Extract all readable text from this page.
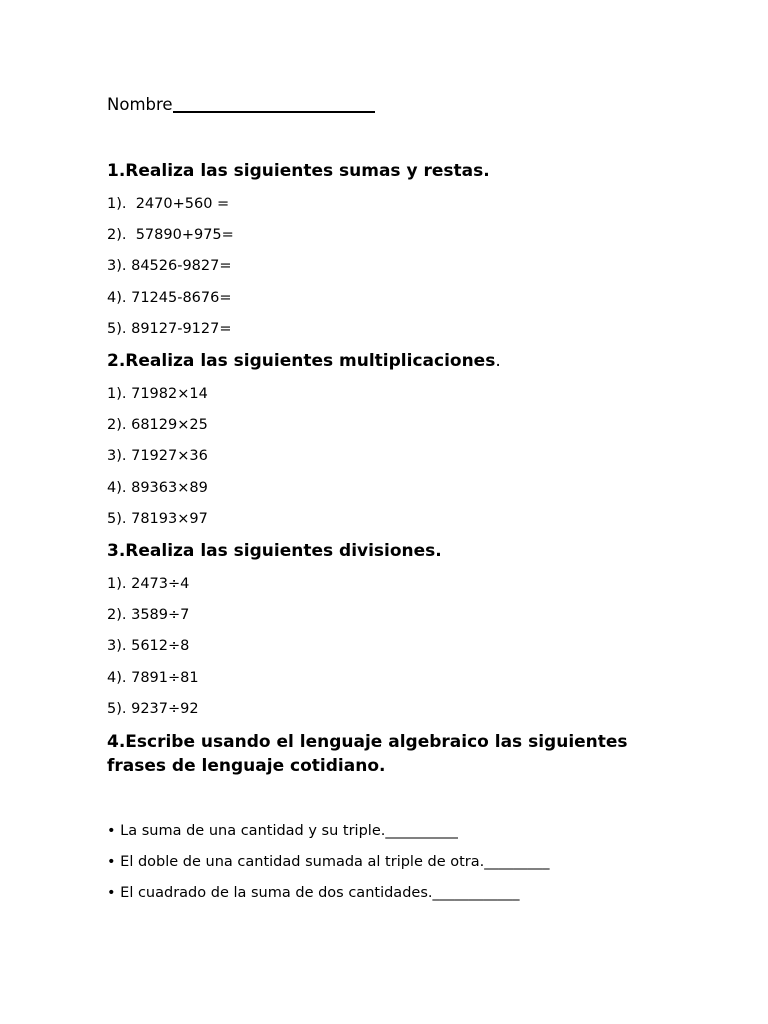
Nombre
1.Realiza las siguientes sumas y restas.
1).  2470+560 =
2).  57890+975=
3). 84526-9827=
4). 71245-8676=
5). 89127-9127=
2.Realiza las siguientes multiplicaciones.
1). 71982×14
2). 68129×25
3). 71927×36
4). 89363×89
5). 78193×97
3.Realiza las siguientes divisiones.
1). 2473÷4
2). 3589÷7
3). 5612÷8
4). 7891÷81
5). 9237÷92
4.Escribe usando el lenguaje algebraico las siguientes
frases de lenguaje cotidiano.
• La suma de una cantidad y su triple.__________
• El doble de una cantidad sumada al triple de otra._________
• El cuadrado de la suma de dos cantidades.____________
